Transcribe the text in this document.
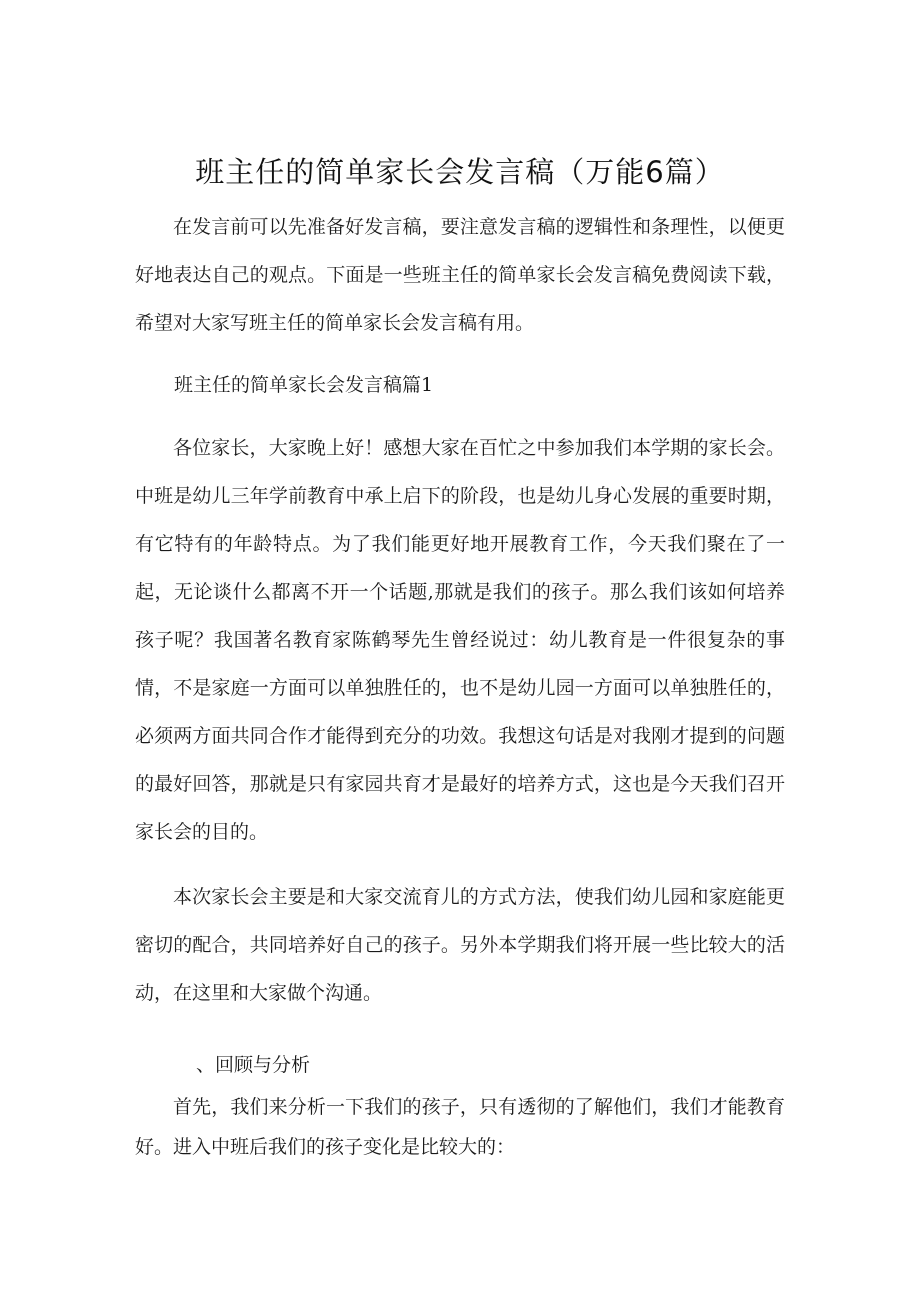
班主任的简单家长会发言稿（万能6篇）

在发言前可以先准备好发言稿，要注意发言稿的逻辑性和条理性，以便更好地表达自己的观点。下面是一些班主任的简单家长会发言稿免费阅读下载，希望对大家写班主任的简单家长会发言稿有用。

班主任的简单家长会发言稿篇1

各位家长，大家晚上好！感想大家在百忙之中参加我们本学期的家长会。中班是幼儿三年学前教育中承上启下的阶段，也是幼儿身心发展的重要时期，有它特有的年龄特点。为了我们能更好地开展教育工作，今天我们聚在了一起，无论谈什么都离不开一个话题,那就是我们的孩子。那么我们该如何培养孩子呢？我国著名教育家陈鹤琴先生曾经说过：幼儿教育是一件很复杂的事情，不是家庭一方面可以单独胜任的，也不是幼儿园一方面可以单独胜任的，必须两方面共同合作才能得到充分的功效。我想这句话是对我刚才提到的问题的最好回答，那就是只有家园共育才是最好的培养方式，这也是今天我们召开家长会的目的。

本次家长会主要是和大家交流育儿的方式方法，使我们幼儿园和家庭能更密切的配合，共同培养好自己的孩子。另外本学期我们将开展一些比较大的活动，在这里和大家做个沟通。

、回顾与分析

首先，我们来分析一下我们的孩子，只有透彻的了解他们，我们才能教育好。进入中班后我们的孩子变化是比较大的：
